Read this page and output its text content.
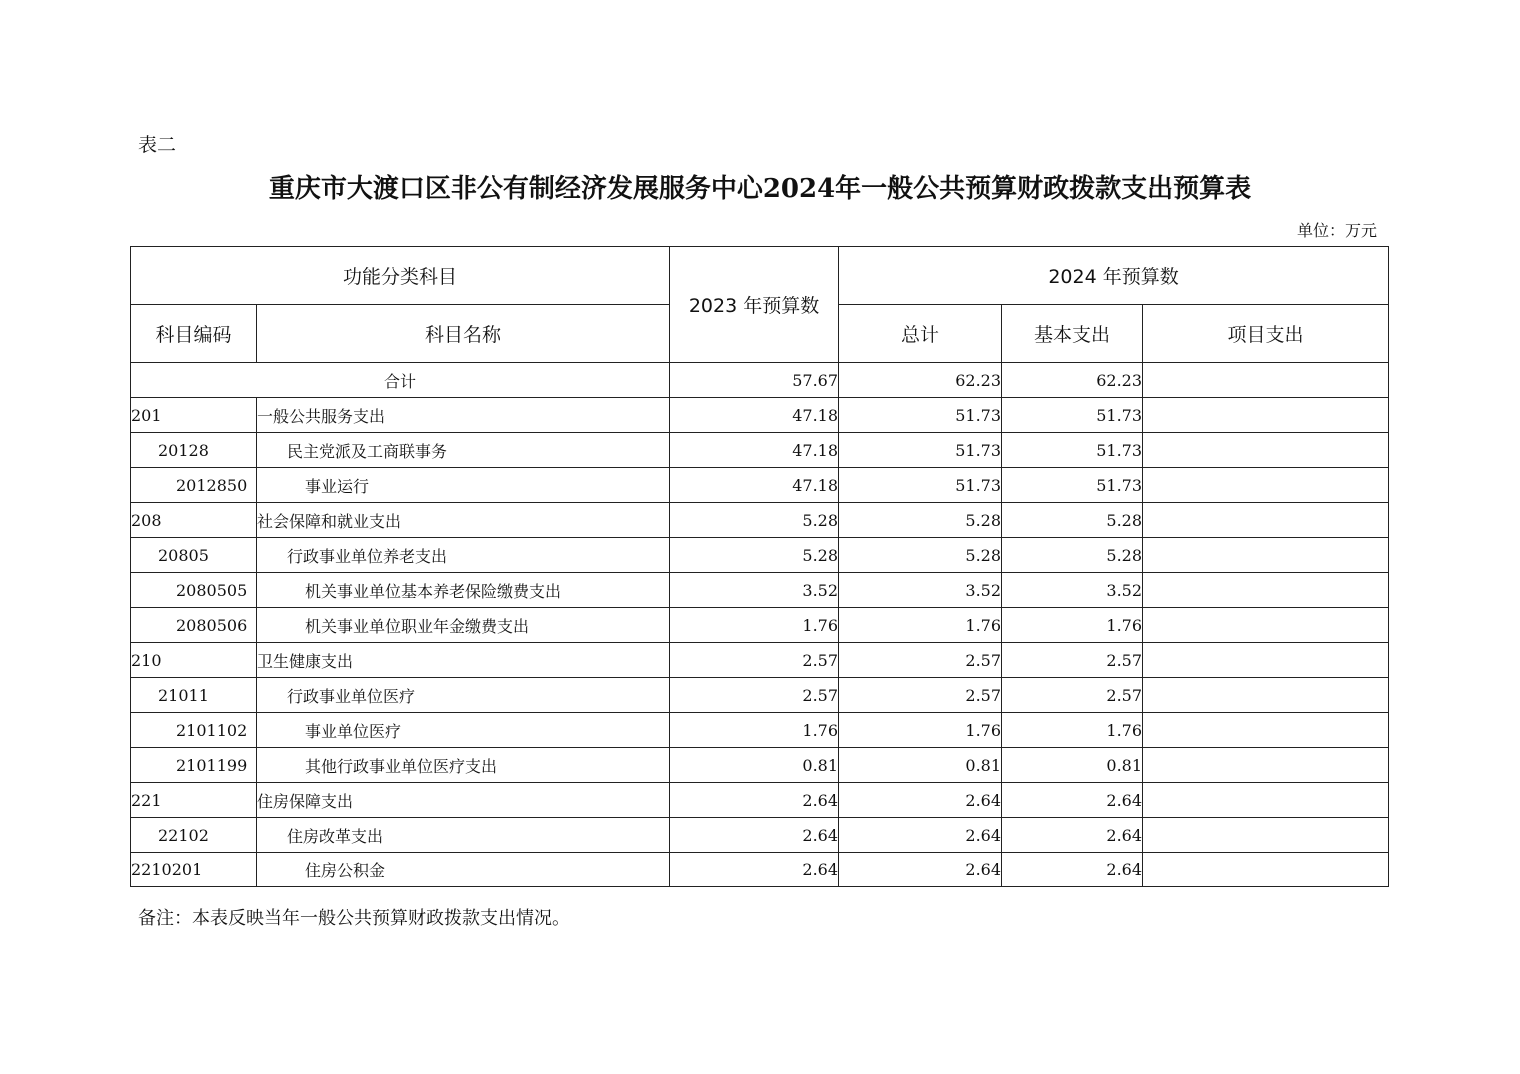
表二
重庆市大渡口区非公有制经济发展服务中心2024年一般公共预算财政拨款支出预算表
单位：万元
功能分类科目		2023 年预算数	2024 年预算数		
科目编码	科目名称		总计	基本支出	项目支出
合计		57.67	62.23	62.23	
201	一般公共服务支出	47.18	51.73	51.73	
20128	民主党派及工商联事务	47.18	51.73	51.73	
2012850	事业运行	47.18	51.73	51.73	
208	社会保障和就业支出	5.28	5.28	5.28	
20805	行政事业单位养老支出	5.28	5.28	5.28	
2080505	机关事业单位基本养老保险缴费支出	3.52	3.52	3.52	
2080506	机关事业单位职业年金缴费支出	1.76	1.76	1.76	
210	卫生健康支出	2.57	2.57	2.57	
21011	行政事业单位医疗	2.57	2.57	2.57	
2101102	事业单位医疗	1.76	1.76	1.76	
2101199	其他行政事业单位医疗支出	0.81	0.81	0.81	
221	住房保障支出	2.64	2.64	2.64	
22102	住房改革支出	2.64	2.64	2.64	
2210201	住房公积金	2.64	2.64	2.64	
备注：本表反映当年一般公共预算财政拨款支出情况。
